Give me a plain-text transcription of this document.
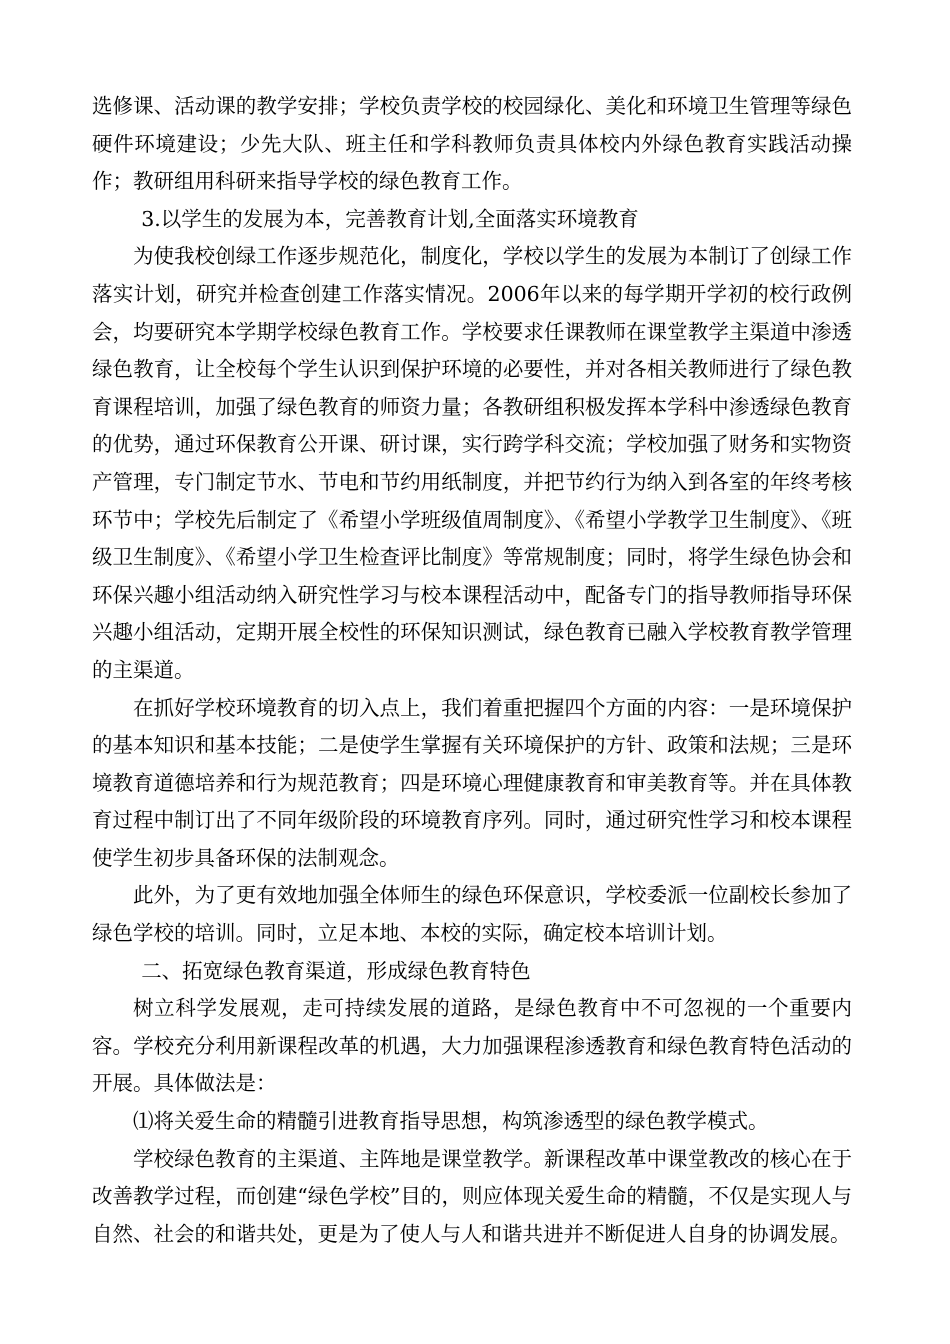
选修课、活动课的教学安排；学校负责学校的校园绿化、美化和环境卫生管理等绿色硬件环境建设；少先大队、班主任和学科教师负责具体校内外绿色教育实践活动操作；教研组用科研来指导学校的绿色教育工作。

3.以学生的发展为本，完善教育计划,全面落实环境教育

为使我校创绿工作逐步规范化，制度化，学校以学生的发展为本制订了创绿工作落实计划，研究并检查创建工作落实情况。2006年以来的每学期开学初的校行政例会，均要研究本学期学校绿色教育工作。学校要求任课教师在课堂教学主渠道中渗透绿色教育，让全校每个学生认识到保护环境的必要性，并对各相关教师进行了绿色教育课程培训，加强了绿色教育的师资力量；各教研组积极发挥本学科中渗透绿色教育的优势，通过环保教育公开课、研讨课，实行跨学科交流；学校加强了财务和实物资产管理，专门制定节水、节电和节约用纸制度，并把节约行为纳入到各室的年终考核环节中；学校先后制定了《希望小学班级值周制度》、《希望小学教学卫生制度》、《班级卫生制度》、《希望小学卫生检查评比制度》等常规制度；同时，将学生绿色协会和环保兴趣小组活动纳入研究性学习与校本课程活动中，配备专门的指导教师指导环保兴趣小组活动，定期开展全校性的环保知识测试，绿色教育已融入学校教育教学管理的主渠道。

在抓好学校环境教育的切入点上，我们着重把握四个方面的内容：一是环境保护的基本知识和基本技能；二是使学生掌握有关环境保护的方针、政策和法规；三是环境教育道德培养和行为规范教育；四是环境心理健康教育和审美教育等。并在具体教育过程中制订出了不同年级阶段的环境教育序列。同时，通过研究性学习和校本课程使学生初步具备环保的法制观念。

此外，为了更有效地加强全体师生的绿色环保意识，学校委派一位副校长参加了绿色学校的培训。同时，立足本地、本校的实际，确定校本培训计划。

二、拓宽绿色教育渠道，形成绿色教育特色

树立科学发展观，走可持续发展的道路，是绿色教育中不可忽视的一个重要内容。学校充分利用新课程改革的机遇，大力加强课程渗透教育和绿色教育特色活动的开展。具体做法是：

⑴将关爱生命的精髓引进教育指导思想，构筑渗透型的绿色教学模式。

学校绿色教育的主渠道、主阵地是课堂教学。新课程改革中课堂教改的核心在于改善教学过程，而创建“绿色学校”目的，则应体现关爱生命的精髓，不仅是实现人与自然、社会的和谐共处，更是为了使人与人和谐共进并不断促进人自身的协调发展。
